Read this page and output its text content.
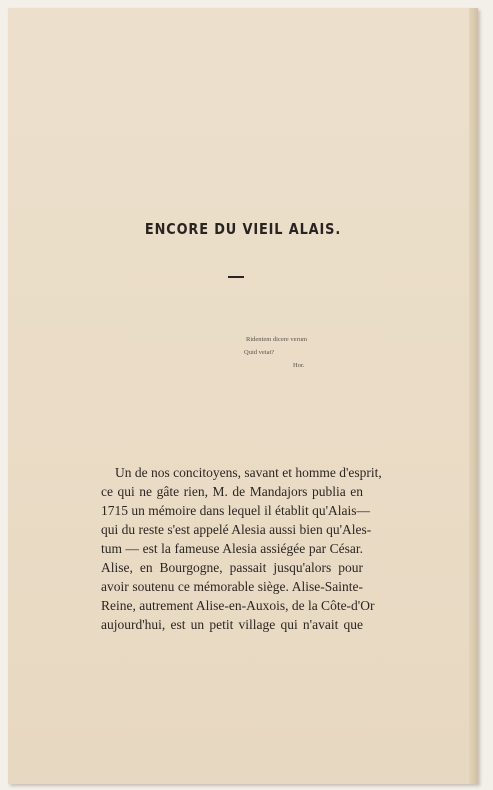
ENCORE DU VIEIL ALAIS.
Ridentem dicere verum
Quid vetat?
Hor.
Un de nos concitoyens, savant et homme d'esprit,
ce qui ne gâte rien, M. de Mandajors publia en
1715 un mémoire dans lequel il établit qu'Alais—
qui du reste s'est appelé Alesia aussi bien qu'Ales-
tum — est la fameuse Alesia assiégée par César.
Alise, en Bourgogne, passait jusqu'alors pour
avoir soutenu ce mémorable siège. Alise-Sainte-
Reine, autrement Alise-en-Auxois, de la Côte-d'Or
aujourd'hui, est un petit village qui n'avait que
